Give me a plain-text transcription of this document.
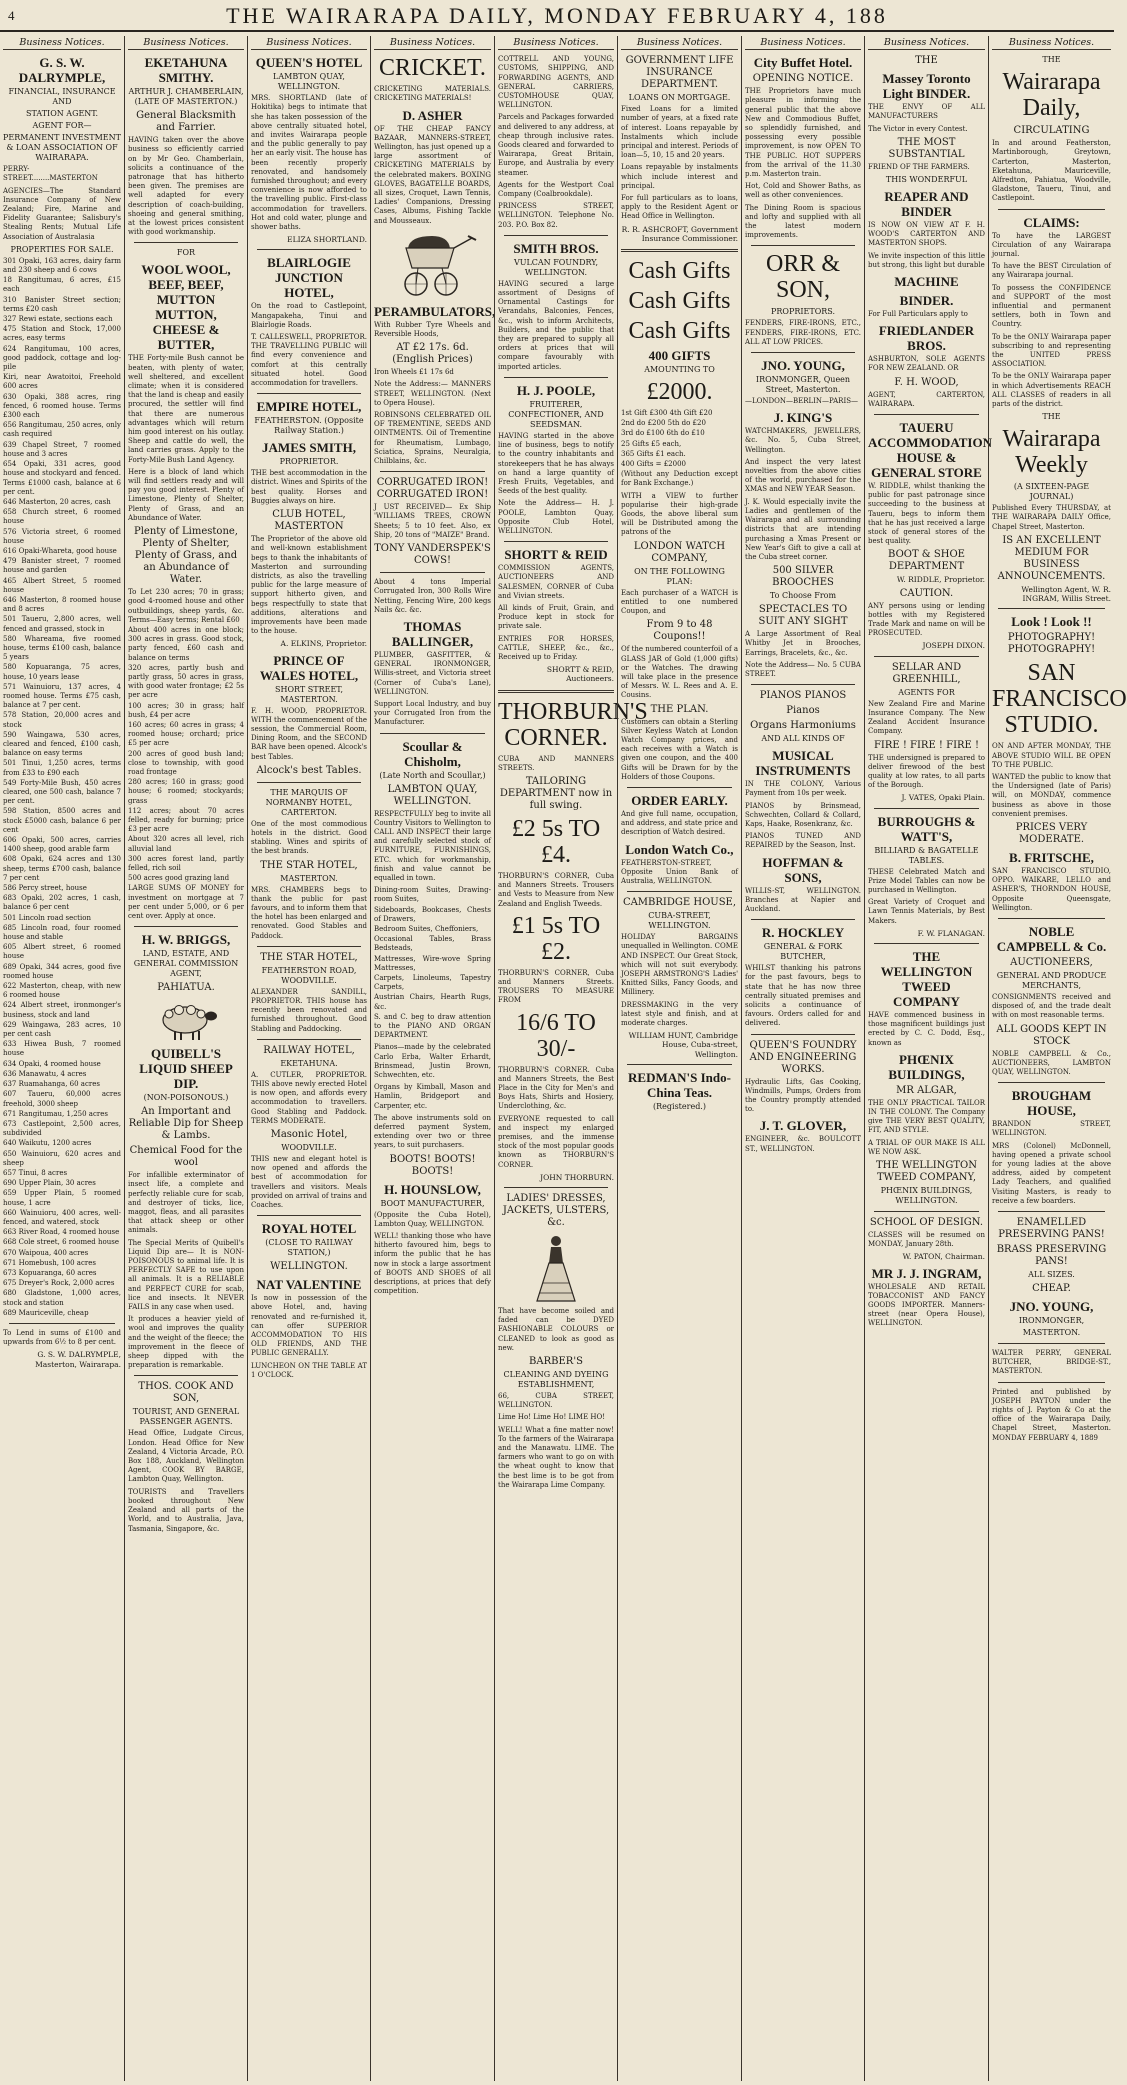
4	THE WAIRARAPA DAILY, MONDAY FEBRUARY 4, 188
Business Notices.
G. S. W. DALRYMPLE,
FINANCIAL, INSURANCE AND
STATION AGENT.
AGENT FOR—
PERMANENT INVESTMENT & LOAN ASSOCIATION OF WAIRARAPA.
PERRY-STREET........MASTERTON
AGENCIES—The Standard Insurance Company of New Zealand; Fire, Marine and Fidelity Guarantee; Salisbury's Stealing Rents; Mutual Life Association of Australasia
PROPERTIES FOR SALE.
301 Opaki, 163 acres, dairy farm and 230 sheep and 6 cows
18 Rangitumau, 6 acres, £15 each
310 Banister Street section; terms £20 cash
327 Rewi estate, sections each
475 Station and Stock, 17,000 acres, easy terms
624 Rangitumau, 100 acres, good paddock, cottage and log-pile
Kiri, near Awatoitoi, Freehold 600 acres
630 Opaki, 388 acres, ring fenced, 6 roomed house. Terms £300 each
656 Rangitumau, 250 acres, only cash required
639 Chapel Street, 7 roomed house and 3 acres
654 Opaki, 331 acres, good house and stockyard and fenced. Terms £1000 cash, balance at 6 per cent.
646 Masterton, 20 acres, cash
658 Church street, 6 roomed house
576 Victoria street, 6 roomed house
616 Opaki-Whareta, good house
479 Banister street, 7 roomed house and garden
465 Albert Street, 5 roomed house
646 Masterton, 8 roomed house and 8 acres
501 Taueru, 2,800 acres, well fenced and grassed, stock in
580 Whareama, five roomed house, terms £100 cash, balance 5 years
580 Kopuaranga, 75 acres, house, 10 years lease
571 Wainuioru, 137 acres, 4 roomed house. Terms £75 cash, balance at 7 per cent.
578 Station, 20,000 acres and stock
590 Waingawa, 530 acres, cleared and fenced, £100 cash, balance on easy terms
501 Tinui, 1,250 acres, terms from £33 to £90 each
549 Forty-Mile Bush, 450 acres cleared, one 500 cash, balance 7 per cent.
598 Station, 8500 acres and stock £5000 cash, balance 6 per cent
606 Opaki, 500 acres, carries 1400 sheep, good arable farm
608 Opaki, 624 acres and 130 sheep, terms £700 cash, balance 7 per cent
586 Percy street, house
683 Opaki, 202 acres, 1 cash, balance 6 per cent
501 Lincoln road section
685 Lincoln road, four roomed house and stable
605 Albert street, 6 roomed house
689 Opaki, 344 acres, good five roomed house
622 Masterton, cheap, with new 6 roomed house
624 Albert street, ironmonger's business, stock and land
629 Waingawa, 283 acres, 10 per cent cash
633 Hiwea Bush, 7 roomed house
634 Opaki, 4 roomed house
636 Manawatu, 4 acres
637 Ruamahanga, 60 acres
607 Taueru, 60,000 acres freehold, 3000 sheep
671 Rangitumau, 1,250 acres
673 Castlepoint, 2,500 acres, subdivided
640 Waikutu, 1200 acres
650 Wainuioru, 620 acres and sheep
657 Tinui, 8 acres
690 Upper Plain, 30 acres
659 Upper Plain, 5 roomed house, 1 acre
660 Wainuioru, 400 acres, well-fenced, and watered, stock
663 River Road, 4 roomed house
668 Cole street, 6 roomed house
670 Waipoua, 400 acres
671 Homebush, 100 acres
673 Kopuaranga, 60 acres
675 Dreyer's Rock, 2,000 acres
680 Gladstone, 1,000 acres, stock and station
689 Mauriceville, cheap
To Lend in sums of £100 and upwards from 6½ to 8 per cent.
G. S. W. DALRYMPLE, Masterton, Wairarapa.
Business Notices.
EKETAHUNA SMITHY.
ARTHUR J. CHAMBERLAIN, (LATE OF MASTERTON.)
General Blacksmith and Farrier.
HAVING taken over the above business so efficiently carried on by Mr Geo. Chamberlain, solicits a continuance of the patronage that has hitherto been given. The premises are well adapted for every description of coach-building, shoeing and general smithing, at the lowest prices consistent with good workmanship.
FOR
WOOL WOOL, BEEF, BEEF, MUTTON MUTTON, CHEESE & BUTTER,
THE Forty-mile Bush cannot be beaten, with plenty of water, well sheltered, and excellent climate; when it is considered that the land is cheap and easily procured, the settler will find that there are numerous advantages which will return him good interest on his outlay. Sheep and cattle do well, the land carries grass. Apply to the Forty-Mile Bush Land Agency.
Here is a block of land which will find settlers ready and will pay you good interest. Plenty of Limestone, Plenty of Shelter, Plenty of Grass, and an Abundance of Water.
Plenty of Limestone, Plenty of Shelter, Plenty of Grass, and an Abundance of Water.
To Let 230 acres; 70 in grass; good 4-roomed house and other outbuildings, sheep yards, &c. Terms—Easy terms; Rental £60
About 400 acres in one block; 300 acres in grass. Good stock, party fenced, £60 cash and balance on terms
320 acres, partly bush and partly grass, 50 acres in grass, with good water frontage; £2 5s per acre
100 acres; 30 in grass; half bush, £4 per acre
160 acres; 60 acres in grass; 4 roomed house; orchard; price £5 per acre
200 acres of good bush land; close to township, with good road frontage
280 acres; 160 in grass; good house; 6 roomed; stockyards; grass
112 acres; about 70 acres felled, ready for burning; price £3 per acre
About 320 acres all level, rich alluvial land
300 acres forest land, partly felled, rich soil
500 acres good grazing land
LARGE SUMS OF MONEY for investment on mortgage at 7 per cent under 5,000, or 6 per cent over. Apply at once.
H. W. BRIGGS,
LAND, ESTATE, AND GENERAL COMMISSION AGENT,
PAHIATUA.
QUIBELL'S LIQUID SHEEP DIP.
(NON-POISONOUS.)
An Important and Reliable Dip for Sheep & Lambs.
Chemical Food for the wool
For infallible exterminator of insect life, a complete and perfectly reliable cure for scab, and destroyer of ticks, lice, maggot, fleas, and all parasites that attack sheep or other animals.
The Special Merits of Quibell's Liquid Dip are— It is NON-POISONOUS to animal life. It is PERFECTLY SAFE to use upon all animals. It is a RELIABLE and PERFECT CURE for scab, lice and insects. It NEVER FAILS in any case when used.
It produces a heavier yield of wool and improves the quality and the weight of the fleece; the improvement in the fleece of sheep dipped with the preparation is remarkable.
THOS. COOK AND SON,
TOURIST, AND GENERAL PASSENGER AGENTS.
Head Office, Ludgate Circus, London. Head Office for New Zealand, 4 Victoria Arcade, P.O. Box 188, Auckland, Wellington Agent, COOK BY BARGE, Lambton Quay, Wellington.
TOURISTS and Travellers booked throughout New Zealand and all parts of the World, and to Australia, Java, Tasmania, Singapore, &c.
Business Notices.
QUEEN'S HOTEL
LAMBTON QUAY, WELLINGTON.
MRS. SHORTLAND (late of Hokitika) begs to intimate that she has taken possession of the above centrally situated hotel, and invites Wairarapa people and the public generally to pay her an early visit. The house has been recently properly renovated, and handsomely furnished throughout; and every convenience is now afforded to the travelling public. First-class accommodation for travellers. Hot and cold water, plunge and shower baths.
ELIZA SHORTLAND.
BLAIRLOGIE JUNCTION HOTEL,
On the road to Castlepoint, Mangapakeha, Tinui and Blairlogie Roads.
T. CALLESWELL, PROPRIETOR. THE TRAVELLING PUBLIC will find every convenience and comfort at this centrally situated hotel. Good accommodation for travellers.
EMPIRE HOTEL,
FEATHERSTON. (Opposite Railway Station.)
JAMES SMITH,
PROPRIETOR.
THE best accommodation in the district. Wines and Spirits of the best quality. Horses and Buggies always on hire.
CLUB HOTEL, MASTERTON
The Proprietor of the above old and well-known establishment begs to thank the inhabitants of Masterton and surrounding districts, as also the travelling public for the large measure of support hitherto given, and begs respectfully to state that additions, alterations and improvements have been made to the house.
A. ELKINS, Proprietor.
PRINCE OF WALES HOTEL,
SHORT STREET, MASTERTON.
F. H. WOOD, PROPRIETOR. WITH the commencement of the session, the Commercial Room, Dining Room, and the SECOND BAR have been opened. Alcock's best Tables.
Alcock's best Tables.
THE MARQUIS OF NORMANBY HOTEL, CARTERTON.
One of the most commodious hotels in the district. Good stabling. Wines and spirits of the best brands.
THE STAR HOTEL,
MASTERTON.
MRS. CHAMBERS begs to thank the public for past favours, and to inform them that the hotel has been enlarged and renovated. Good Stables and Paddock.
THE STAR HOTEL,
FEATHERSTON ROAD, WOODVILLE.
ALEXANDER SANDILL, PROPRIETOR. THIS house has recently been renovated and furnished throughout. Good Stabling and Paddocking.
RAILWAY HOTEL,
EKETAHUNA.
A. CUTLER, PROPRIETOR. THIS above newly erected Hotel is now open, and affords every accommodation to travellers. Good Stabling and Paddock. TERMS MODERATE.
Masonic Hotel,
WOODVILLE.
THIS new and elegant hotel is now opened and affords the best of accommodation for travellers and visitors. Meals provided on arrival of trains and Coaches.
ROYAL HOTEL
(CLOSE TO RAILWAY STATION,)
WELLINGTON.
NAT VALENTINE
Is now in possession of the above Hotel, and, having renovated and re-furnished it, can offer SUPERIOR ACCOMMODATION TO HIS OLD FRIENDS, AND THE PUBLIC GENERALLY.
LUNCHEON ON THE TABLE AT 1 O'CLOCK.
Business Notices.
CRICKET.
CRICKETING MATERIALS. CRICKETING MATERIALS!
D. ASHER
OF THE CHEAP FANCY BAZAAR, MANNERS-STREET, Wellington, has just opened up a large assortment of CRICKETING MATERIALS by the celebrated makers. BOXING GLOVES, BAGATELLE BOARDS, all sizes, Croquet, Lawn Tennis, Ladies' Companions, Dressing Cases, Albums, Fishing Tackle and Mousseaux.
PERAMBULATORS,
With Rubber Tyre Wheels and Reversible Hoods,
AT £2 17s. 6d. (English Prices)
Iron Wheels £1 17s 6d
Note the Address:— MANNERS STREET, WELLINGTON. (Next to Opera House).
ROBINSONS CELEBRATED OIL OF TREMENTINE, SEEDS AND OINTMENTS. Oil of Trementine for Rheumatism, Lumbago, Sciatica, Sprains, Neuralgia, Chilblains, &c.
CORRUGATED IRON! CORRUGATED IRON!
J UST RECEIVED— Ex Ship 'WILLIAMS TREES, CROWN Sheets; 5 to 10 feet. Also, ex Ship, 20 tons of "MAIZE" Brand.
TONY VANDERSPEK'S COWS!
About 4 tons Imperial Corrugated Iron, 300 Rolls Wire Netting, Fencing Wire, 200 kegs Nails &c. &c.
THOMAS BALLINGER,
PLUMBER, GASFITTER, & GENERAL IRONMONGER, Willis-street, and Victoria street (Corner of Cuba's Lane), WELLINGTON.
Support Local Industry, and buy your Corrugated Iron from the Manufacturer.
Scoullar & Chisholm,
(Late North and Scoullar,)
LAMBTON QUAY, WELLINGTON.
RESPECTFULLY beg to invite all Country Visitors to Wellington to CALL AND INSPECT their large and carefully selected stock of FURNITURE, FURNISHINGS, ETC. which for workmanship, finish and value cannot be equalled in town.
Dining-room Suites, Drawing-room Suites,
Sideboards, Bookcases, Chests of Drawers,
Bedroom Suites, Cheffoniers,
Occasional Tables, Brass Bedsteads,
Mattresses, Wire-wove Spring Mattresses,
Carpets, Linoleums, Tapestry Carpets,
Austrian Chairs, Hearth Rugs, &c.
S. and C. beg to draw attention to the PIANO AND ORGAN DEPARTMENT.
Pianos—made by the celebrated Carlo Erba, Walter Erhardt, Brinsmead, Justin Brown, Schwechten, etc.
Organs by Kimball, Mason and Hamlin, Bridgeport and Carpenter, etc.
The above instruments sold on deferred payment System, extending over two or three years, to suit purchasers.
BOOTS! BOOTS! BOOTS!
H. HOUNSLOW,
BOOT MANUFACTURER,
(Opposite the Cuba Hotel), Lambton Quay, WELLINGTON.
WELL! thanking those who have hitherto favoured him, begs to inform the public that he has now in stock a large assortment of BOOTS AND SHOES of all descriptions, at prices that defy competition.
Business Notices.
COTTRELL AND YOUNG, CUSTOMS, SHIPPING, AND FORWARDING AGENTS, AND GENERAL CARRIERS, CUSTOMHOUSE QUAY, WELLINGTON.
Parcels and Packages forwarded and delivered to any address, at cheap through inclusive rates. Goods cleared and forwarded to Wairarapa, Great Britain, Europe, and Australia by every steamer.
Agents for the Westport Coal Company (Coalbrookdale).
PRINCESS STREET, WELLINGTON. Telephone No. 203. P.O. Box 82.
SMITH BROS.
VULCAN FOUNDRY, WELLINGTON.
HAVING secured a large assortment of Designs of Ornamental Castings for Verandahs, Balconies, Fences, &c., wish to inform Architects, Builders, and the public that they are prepared to supply all orders at prices that will compare favourably with imported articles.
H. J. POOLE,
FRUITERER, CONFECTIONER, AND SEEDSMAN.
HAVING started in the above line of business, begs to notify to the country inhabitants and storekeepers that he has always on hand a large quantity of Fresh Fruits, Vegetables, and Seeds of the best quality.
Note the Address— H. J. POOLE, Lambton Quay, Opposite Club Hotel, WELLINGTON.
SHORTT & REID
COMMISSION AGENTS, AUCTIONEERS AND SALESMEN, CORNER of Cuba and Vivian streets.
All kinds of Fruit, Grain, and Produce kept in stock for private sale.
ENTRIES FOR HORSES, CATTLE, SHEEP, &c., &c., Received up to Friday.
SHORTT & REID, Auctioneers.
THORBURN'S CORNER.
CUBA AND MANNERS STREETS.
TAILORING DEPARTMENT now in full swing.
£2 5s TO £4.
THORBURN'S CORNER, Cuba and Manners Streets. Trousers and Vests to Measure from New Zealand and English Tweeds.
£1 5s TO £2.
THORBURN'S CORNER, Cuba and Manners Streets. TROUSERS TO MEASURE FROM
16/6 TO 30/-
THORBURN'S CORNER. Cuba and Manners Streets, the Best Place in the City for Men's and Boys Hats, Shirts and Hosiery, Underclothing, &c.
EVERYONE requested to call and inspect my enlarged premises, and the immense stock of the most popular goods known as THORBURN'S CORNER.
JOHN THORBURN.
LADIES' DRESSES, JACKETS, ULSTERS, &c.
That have become soiled and faded can be DYED FASHIONABLE COLOURS or CLEANED to look as good as new.
BARBER'S
CLEANING AND DYEING ESTABLISHMENT,
66, CUBA STREET, WELLINGTON.
Lime Ho! Lime Ho! LIME HO!
WELL! What a fine matter now! To the farmers of the Wairarapa and the Manawatu. LIME. The farmers who want to go on with the wheat ought to know that the best lime is to be got from the Wairarapa Lime Company.
Business Notices.
GOVERNMENT LIFE INSURANCE DEPARTMENT.
LOANS ON MORTGAGE.
Fixed Loans for a limited number of years, at a fixed rate of interest. Loans repayable by Instalments which include principal and interest. Periods of loan—5, 10, 15 and 20 years.
Loans repayable by instalments which include interest and principal.
For full particulars as to loans, apply to the Resident Agent or Head Office in Wellington.
R. R. ASHCROFT, Government Insurance Commissioner.
Cash Gifts
Cash Gifts
Cash Gifts
400 GIFTS
AMOUNTING TO
£2000.
1st Gift £300 4th Gift £20
2nd do £200 5th do £20
3rd do £100 6th do £10
25 Gifts £5 each,
365 Gifts £1 each.
400 Gifts = £2000
(Without any Deduction except for Bank Exchange.)
WITH a VIEW to further popularise their high-grade Goods, the above liberal sum will be Distributed among the patrons of the
LONDON WATCH COMPANY,
ON THE FOLLOWING PLAN:
Each purchaser of a WATCH is entitled to one numbered Coupon, and
From 9 to 48 Coupons!!
Of the numbered counterfoil of a GLASS JAR of Gold (1,000 gifts) or the Watches. The drawing will take place in the presence of Messrs. W. L. Rees and A. E. Cousins.
THE PLAN.
Customers can obtain a Sterling Silver Keyless Watch at London Watch Company prices, and each receives with a Watch is given one coupon, and the 400 Gifts will be Drawn for by the Holders of those Coupons.
ORDER EARLY.
And give full name, occupation, and address, and state price and description of Watch desired.
London Watch Co.,
FEATHERSTON-STREET, Opposite Union Bank of Australia, WELLINGTON.
CAMBRIDGE HOUSE,
CUBA-STREET, WELLINGTON.
HOLIDAY BARGAINS unequalled in Wellington. COME AND INSPECT. Our Great Stock, which will not suit everybody. JOSEPH ARMSTRONG'S Ladies' Knitted Silks, Fancy Goods, and Millinery.
DRESSMAKING in the very latest style and finish, and at moderate charges.
WILLIAM HUNT, Cambridge House, Cuba-street, Wellington.
REDMAN'S Indo-China Teas.
(Registered.)
Business Notices.
City Buffet Hotel.
OPENING NOTICE.
THE Proprietors have much pleasure in informing the general public that the above New and Commodious Buffet, so splendidly furnished, and possessing every possible improvement, is now OPEN TO THE PUBLIC. HOT SUPPERS from the arrival of the 11.30 p.m. Masterton train.
Hot, Cold and Shower Baths, as well as other conveniences.
The Dining Room is spacious and lofty and supplied with all the latest modern improvements.
ORR & SON,
PROPRIETORS.
FENDERS, FIRE-IRONS, ETC., FENDERS, FIRE-IRONS, ETC. ALL AT LOW PRICES.
JNO. YOUNG,
IRONMONGER, Queen Street, Masterton.
—LONDON—BERLIN—PARIS—
J. KING'S
WATCHMAKERS, JEWELLERS, &c. No. 5, Cuba Street, Wellington.
And inspect the very latest novelties from the above cities of the world, purchased for the XMAS and NEW YEAR Season.
J. K. Would especially invite the Ladies and gentlemen of the Wairarapa and all surrounding districts that are intending purchasing a Xmas Present or New Year's Gift to give a call at the Cuba street corner.
500 SILVER BROOCHES
To Choose From
SPECTACLES TO SUIT ANY SIGHT
A Large Assortment of Real Whitby Jet in Brooches, Earrings, Bracelets, &c., &c.
Note the Address— No. 5 CUBA STREET.
PIANOS PIANOS
Pianos
Organs Harmoniums
AND ALL KINDS OF
MUSICAL INSTRUMENTS
IN THE COLONY, Various Payment from 10s per week.
PIANOS by Brinsmead, Schwechten, Collard & Collard, Kaps, Haake, Rosenkranz, &c.
PIANOS TUNED AND REPAIRED by the Season, Inst.
HOFFMAN & SONS,
WILLIS-ST, WELLINGTON. Branches at Napier and Auckland.
R. HOCKLEY
GENERAL & FORK BUTCHER,
WHILST thanking his patrons for the past favours, begs to state that he has now three centrally situated premises and solicits a continuance of favours. Orders called for and delivered.
QUEEN'S FOUNDRY AND ENGINEERING WORKS.
Hydraulic Lifts, Gas Cooking, Windmills, Pumps, Orders from the Country promptly attended to.
J. T. GLOVER,
ENGINEER, &c. BOULCOTT ST., WELLINGTON.
Business Notices.
THE
Massey Toronto Light BINDER.
THE ENVY OF ALL MANUFACTURERS
The Victor in every Contest.
THE MOST SUBSTANTIAL
FRIEND OF THE FARMERS.
THIS WONDERFUL
REAPER AND BINDER
IS NOW ON VIEW AT F. H. WOOD'S CARTERTON AND MASTERTON SHOPS.
We invite inspection of this little but strong, this light but durable
MACHINE
BINDER.
For Full Particulars apply to
FRIEDLANDER BROS.
ASHBURTON, SOLE AGENTS FOR NEW ZEALAND. OR
F. H. WOOD,
AGENT, CARTERTON, WAIRARAPA.
TAUERU ACCOMMODATION HOUSE & GENERAL STORE
W. RIDDLE, whilst thanking the public for past patronage since succeeding to the business at Taueru, begs to inform them that he has just received a large stock of general stores of the best quality.
BOOT & SHOE DEPARTMENT
W. RIDDLE, Proprietor.
CAUTION.
ANY persons using or lending bottles with my Registered Trade Mark and name on will be PROSECUTED.
JOSEPH DIXON.
SELLAR AND GREENHILL,
AGENTS FOR
New Zealand Fire and Marine Insurance Company. The New Zealand Accident Insurance Company.
FIRE ! FIRE ! FIRE !
THE undersigned is prepared to deliver firewood of the best quality at low rates, to all parts of the Borough.
J. VATES, Opaki Plain.
BURROUGHS & WATT'S,
BILLIARD & BAGATELLE TABLES.
THESE Celebrated Match and Prize Model Tables can now be purchased in Wellington.
Great Variety of Croquet and Lawn Tennis Materials, by Best Makers.
F. W. FLANAGAN.
THE WELLINGTON TWEED COMPANY
HAVE commenced business in those magnificent buildings just erected by C. C. Dodd, Esq., known as
PHŒNIX BUILDINGS,
MR ALGAR,
THE ONLY PRACTICAL TAILOR IN THE COLONY. The Company give THE VERY BEST QUALITY, FIT, AND STYLE.
A TRIAL OF OUR MAKE IS ALL WE NOW ASK.
THE WELLINGTON TWEED COMPANY,
PHŒNIX BUILDINGS, WELLINGTON.
SCHOOL OF DESIGN.
CLASSES will be resumed on MONDAY, January 28th.
W. PATON, Chairman.
MR J. J. INGRAM,
WHOLESALE AND RETAIL TOBACCONIST AND FANCY GOODS IMPORTER. Manners-street (near Opera House), WELLINGTON.
Business Notices.
THE
Wairarapa Daily,
CIRCULATING
In and around Featherston, Martinborough, Greytown, Carterton, Masterton, Eketahuna, Mauriceville, Alfredton, Pahiatua, Woodville, Gladstone, Taueru, Tinui, and Castlepoint.
CLAIMS:
To have the LARGEST Circulation of any Wairarapa journal.
To have the BEST Circulation of any Wairarapa journal.
To possess the CONFIDENCE and SUPPORT of the most influential and permanent settlers, both in Town and Country.
To be the ONLY Wairarapa paper subscribing to and representing the UNITED PRESS ASSOCIATION.
To be the ONLY Wairarapa paper in which Advertisements REACH ALL CLASSES of readers in all parts of the district.
THE
Wairarapa Weekly
(A SIXTEEN-PAGE JOURNAL)
Published Every THURSDAY, at THE WAIRARAPA DAILY Office, Chapel Street, Masterton.
IS AN EXCELLENT MEDIUM FOR BUSINESS ANNOUNCEMENTS.
Wellington Agent, W. R. INGRAM, Willis Street.
Look ! Look !!
PHOTOGRAPHY! PHOTOGRAPHY!
SAN FRANCISCO STUDIO.
ON AND AFTER MONDAY, THE ABOVE STUDIO WILL BE OPEN TO THE PUBLIC.
WANTED the public to know that the Undersigned (late of Paris) will, on MONDAY, commence business as above in those convenient premises.
PRICES VERY MODERATE.
B. FRITSCHE,
SAN FRANCISCO STUDIO, OPPO. WAIKARE, LELLO and ASHER'S, THORNDON HOUSE, Opposite Queensgate, Wellington.
NOBLE CAMPBELL & Co.
AUCTIONEERS,
GENERAL AND PRODUCE MERCHANTS,
CONSIGNMENTS received and disposed of, and the trade dealt with on most reasonable terms.
ALL GOODS KEPT IN STOCK
NOBLE CAMPBELL & Co., AUCTIONEERS, LAMBTON QUAY, WELLINGTON.
BROUGHAM HOUSE,
BRANDON STREET, WELLINGTON.
MRS (Colonel) McDonnell, having opened a private school for young ladies at the above address, aided by competent Lady Teachers, and qualified Visiting Masters, is ready to receive a few boarders.
ENAMELLED PRESERVING PANS!
BRASS PRESERVING PANS!
ALL SIZES.
CHEAP.
JNO. YOUNG,
IRONMONGER,
MASTERTON.
WALTER PERRY, GENERAL BUTCHER, BRIDGE-ST., MASTERTON.
Printed and published by JOSEPH PAYTON under the rights of J. Payton & Co at the office of the Wairarapa Daily, Chapel Street, Masterton. MONDAY FEBRUARY 4, 1889
